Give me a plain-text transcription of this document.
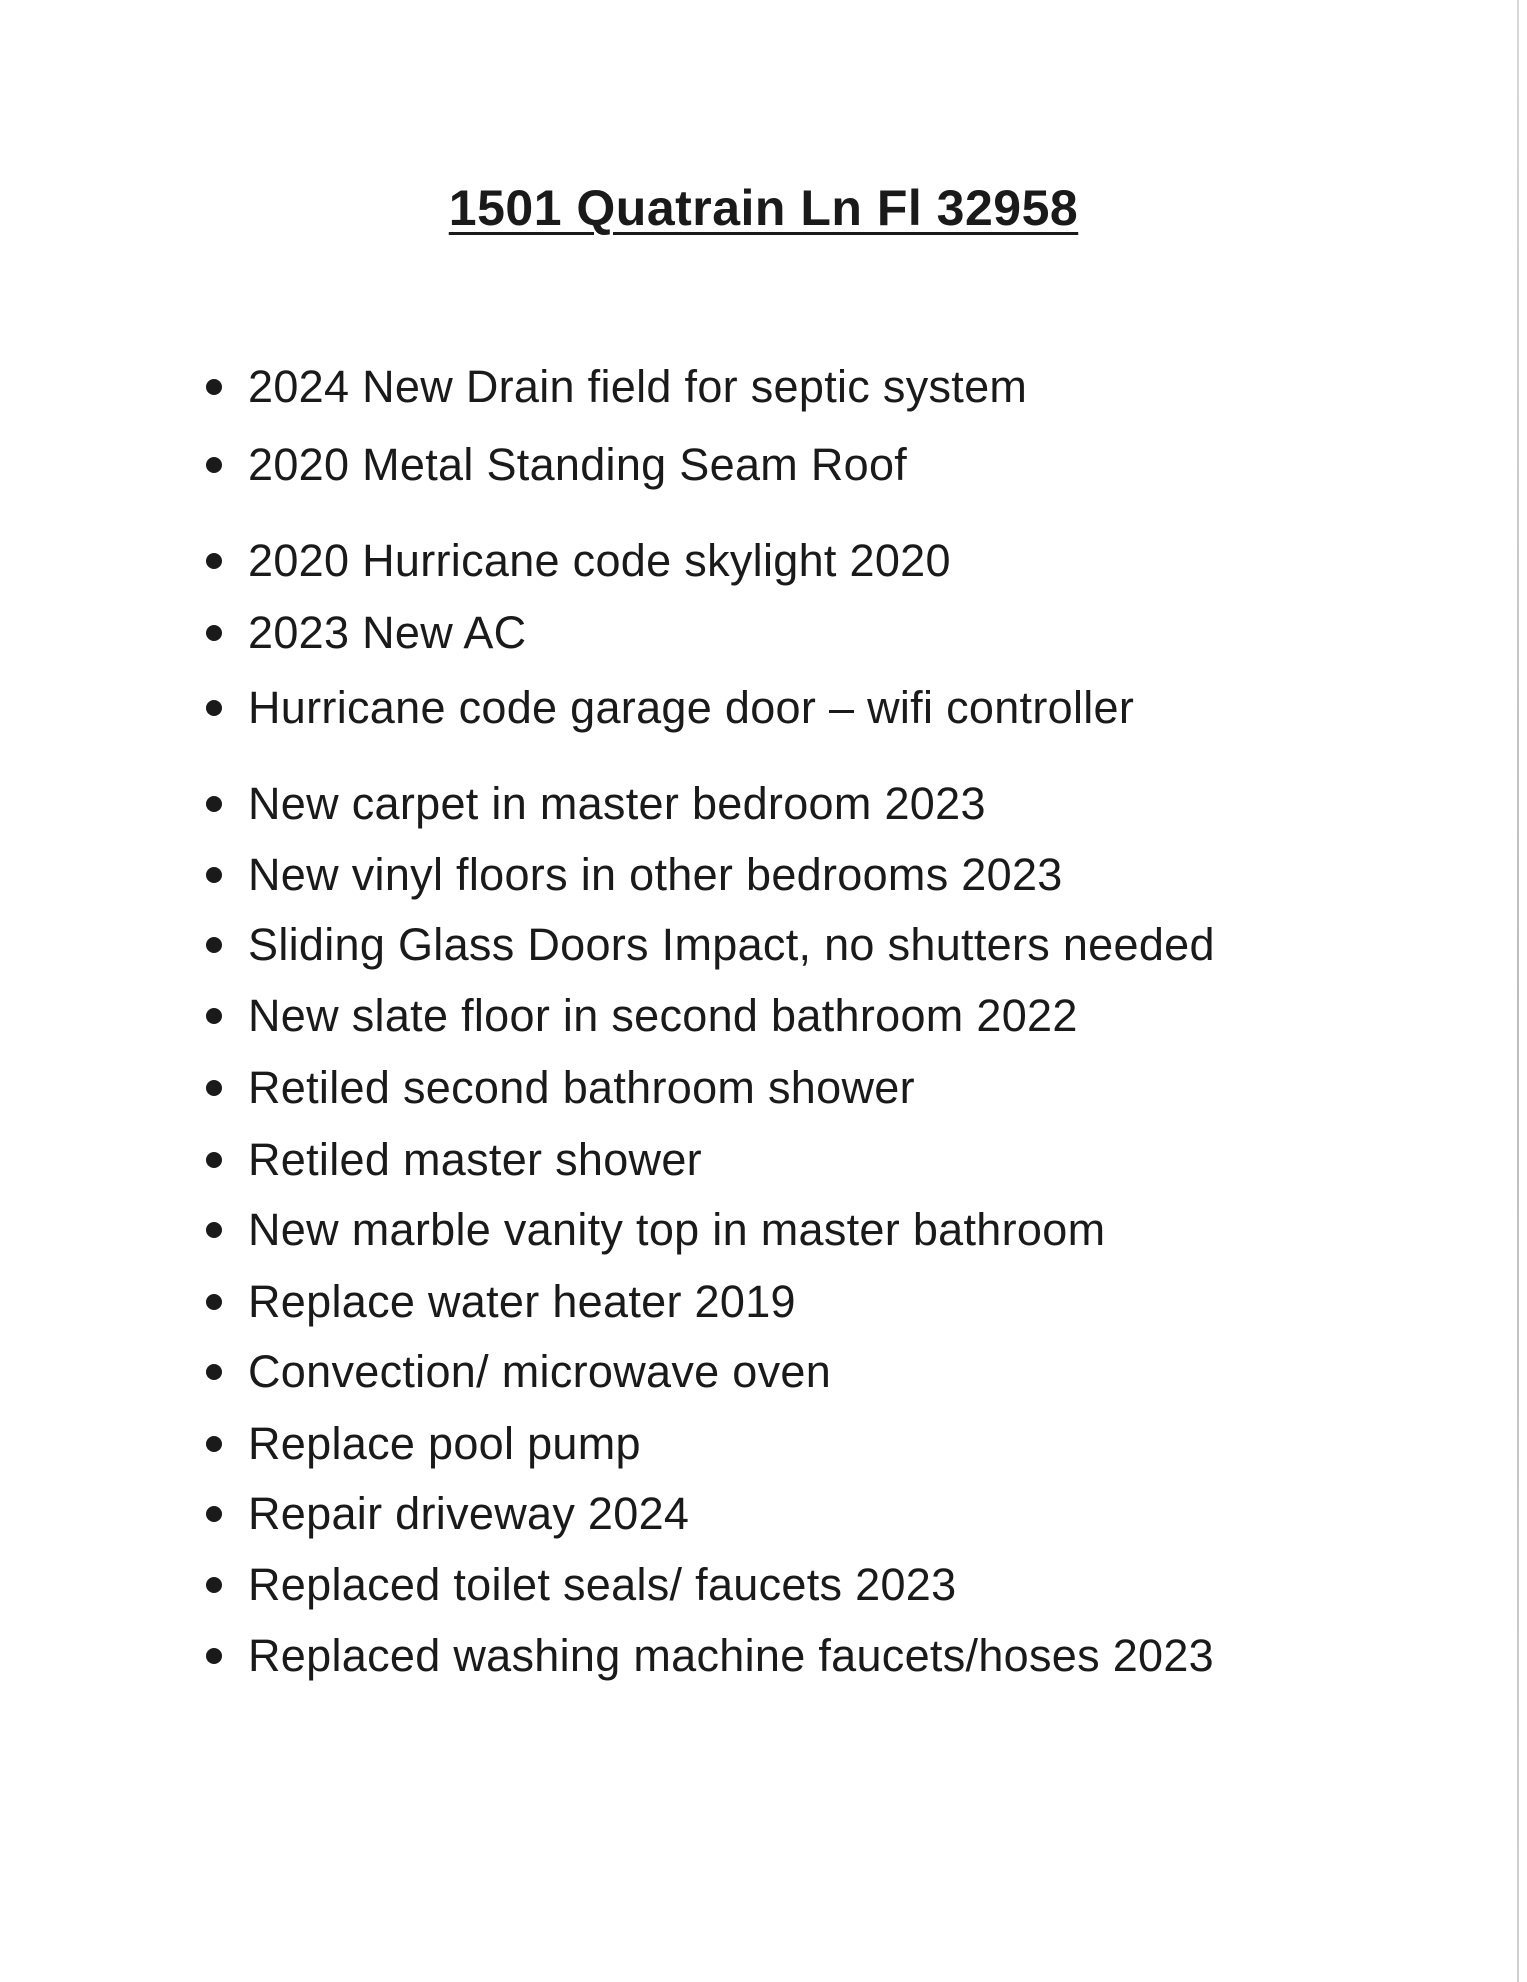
1501 Quatrain Ln Fl 32958
2024 New Drain field for septic system
2020 Metal Standing Seam Roof
2020 Hurricane code skylight 2020
2023 New AC
Hurricane code garage door – wifi controller
New carpet in master bedroom 2023
New vinyl floors in other bedrooms 2023
Sliding Glass Doors Impact, no shutters needed
New slate floor in second bathroom 2022
Retiled second bathroom shower
Retiled master shower
New marble vanity top in master bathroom
Replace water heater 2019
Convection/ microwave oven
Replace pool pump
Repair driveway 2024
Replaced toilet seals/ faucets 2023
Replaced washing machine faucets/hoses 2023
